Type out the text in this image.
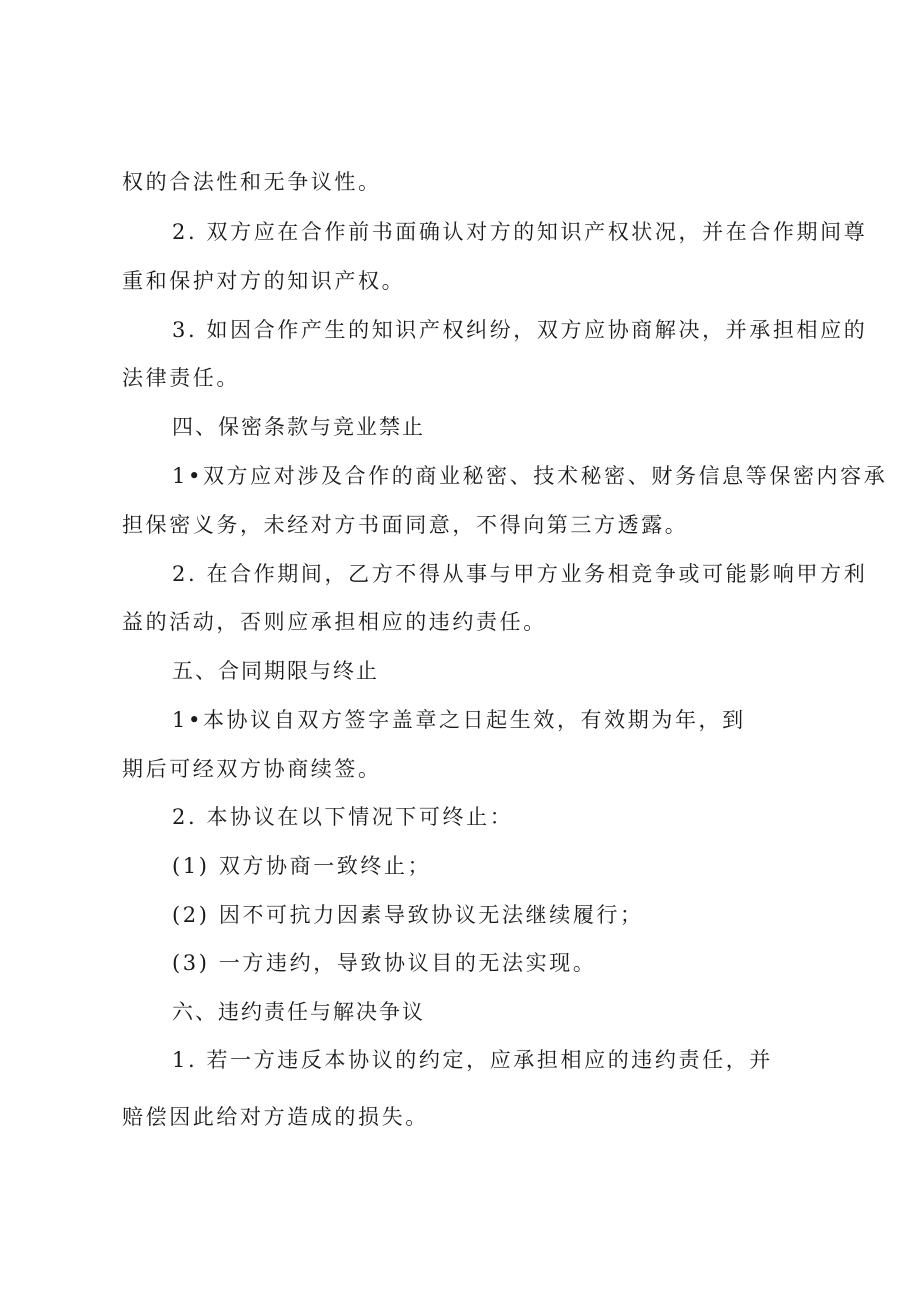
权的合法性和无争议性。

2. 双方应在合作前书面确认对方的知识产权状况，并在合作期间尊

重和保护对方的知识产权。

3. 如因合作产生的知识产权纠纷，双方应协商解决，并承担相应的

法律责任。

四、保密条款与竞业禁止

1•双方应对涉及合作的商业秘密、技术秘密、财务信息等保密内容承

担保密义务，未经对方书面同意，不得向第三方透露。

2. 在合作期间，乙方不得从事与甲方业务相竞争或可能影响甲方利

益的活动，否则应承担相应的违约责任。

五、合同期限与终止

1•本协议自双方签字盖章之日起生效，有效期为年，到

期后可经双方协商续签。

2. 本协议在以下情况下可终止：

(1) 双方协商一致终止；

(2) 因不可抗力因素导致协议无法继续履行；

(3) 一方违约，导致协议目的无法实现。

六、违约责任与解决争议

1. 若一方违反本协议的约定，应承担相应的违约责任，并

赔偿因此给对方造成的损失。
